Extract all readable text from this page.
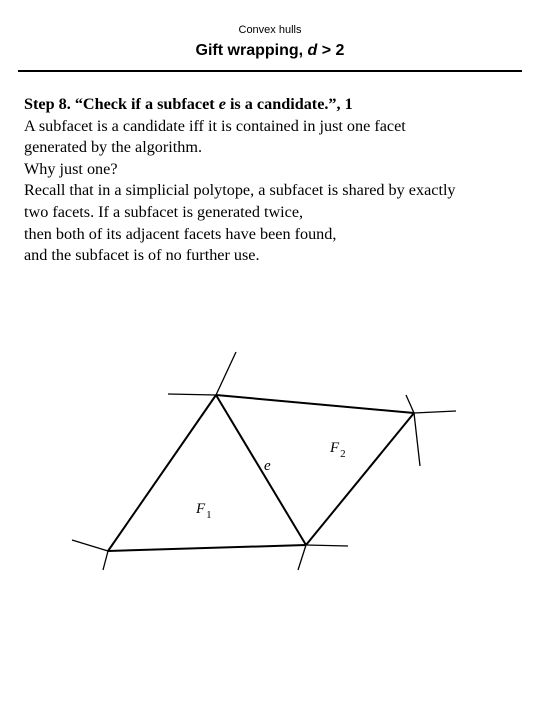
Convex hulls
Gift wrapping, d > 2

Step 8. “Check if a subfacet e is a candidate.”, 1

A subfacet is a candidate iff it is contained in just one facet

generated by the algorithm.

Why just one?

Recall that in a simplicial polytope, a subfacet is shared by exactly

two facets. If a subfacet is generated twice,

then both of its adjacent facets have been found,

and the subfacet is of no further use.

e
$F_2$
$F_1$
